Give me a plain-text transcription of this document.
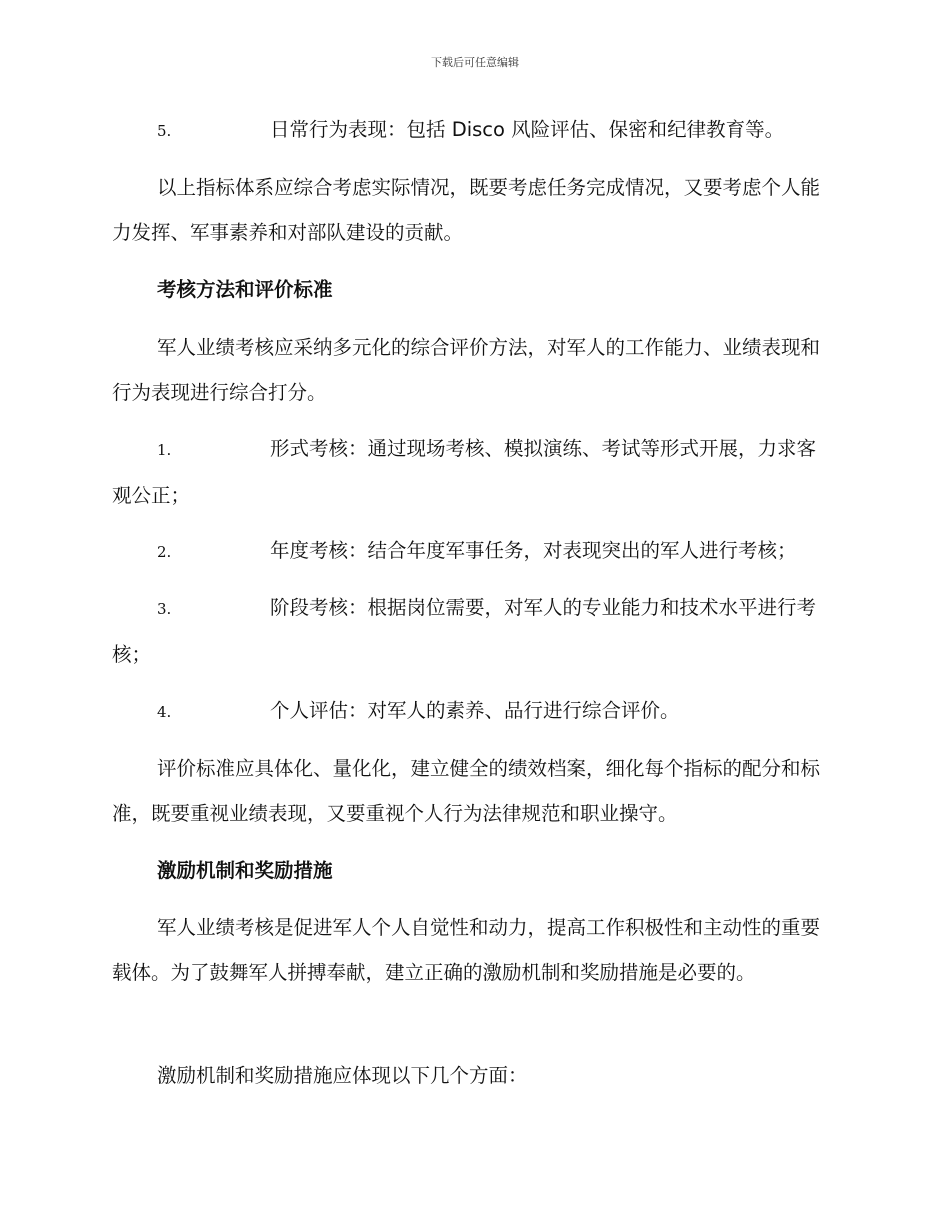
下载后可任意编辑
5.	日常行为表现：包括 Disco 风险评估、保密和纪律教育等。
以上指标体系应综合考虑实际情况，既要考虑任务完成情况，又要考虑个人能力发挥、军事素养和对部队建设的贡献。
考核方法和评价标准
军人业绩考核应采纳多元化的综合评价方法，对军人的工作能力、业绩表现和行为表现进行综合打分。
1.	形式考核：通过现场考核、模拟演练、考试等形式开展，力求客观公正；
2.	年度考核：结合年度军事任务，对表现突出的军人进行考核；
3.	阶段考核：根据岗位需要，对军人的专业能力和技术水平进行考核；
4.	个人评估：对军人的素养、品行进行综合评价。
评价标准应具体化、量化化，建立健全的绩效档案，细化每个指标的配分和标准，既要重视业绩表现，又要重视个人行为法律规范和职业操守。
激励机制和奖励措施
军人业绩考核是促进军人个人自觉性和动力，提高工作积极性和主动性的重要载体。为了鼓舞军人拼搏奉献，建立正确的激励机制和奖励措施是必要的。
激励机制和奖励措施应体现以下几个方面：
